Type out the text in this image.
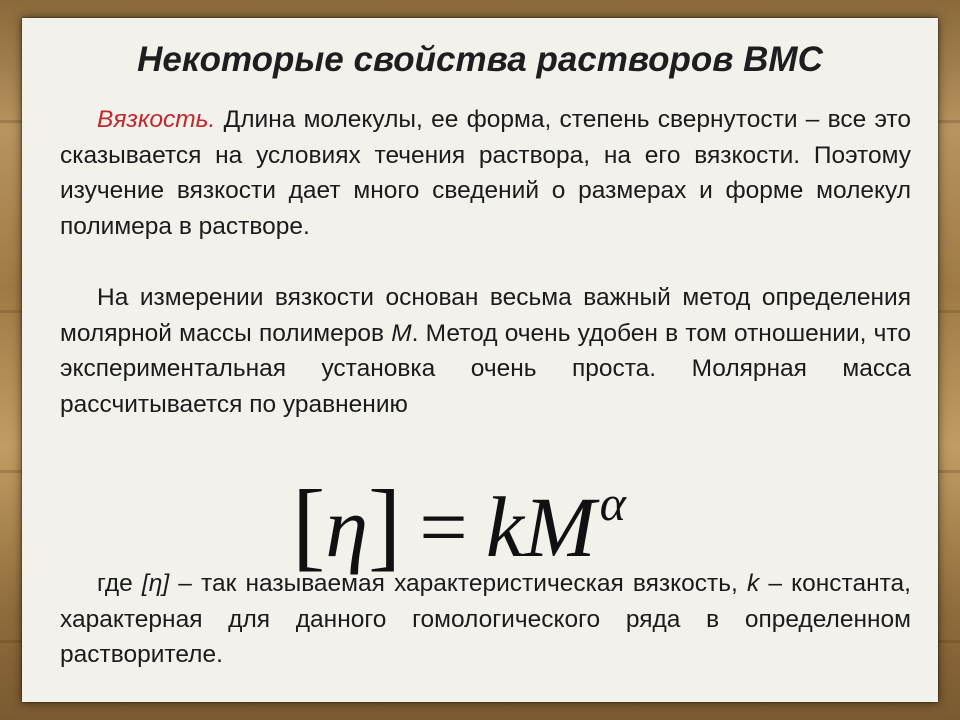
Некоторые свойства растворов ВМС

Вязкость. Длина молекулы, ее форма, степень свернутости – все это сказывается на условиях течения раствора, на его вязкости. Поэтому изучение вязкости дает много сведений о размерах и форме молекул полимера в растворе.

На измерении вязкости основан весьма важный метод определения молярной массы полимеров М. Метод очень удобен в том отношении, что экспериментальная установка очень проста. Молярная масса рассчитывается по уравнению

$[\eta] = kM^\alpha$

где [η] – так называемая характеристическая вязкость, k – константа, характерная для данного гомологического ряда в определенном растворителе.
